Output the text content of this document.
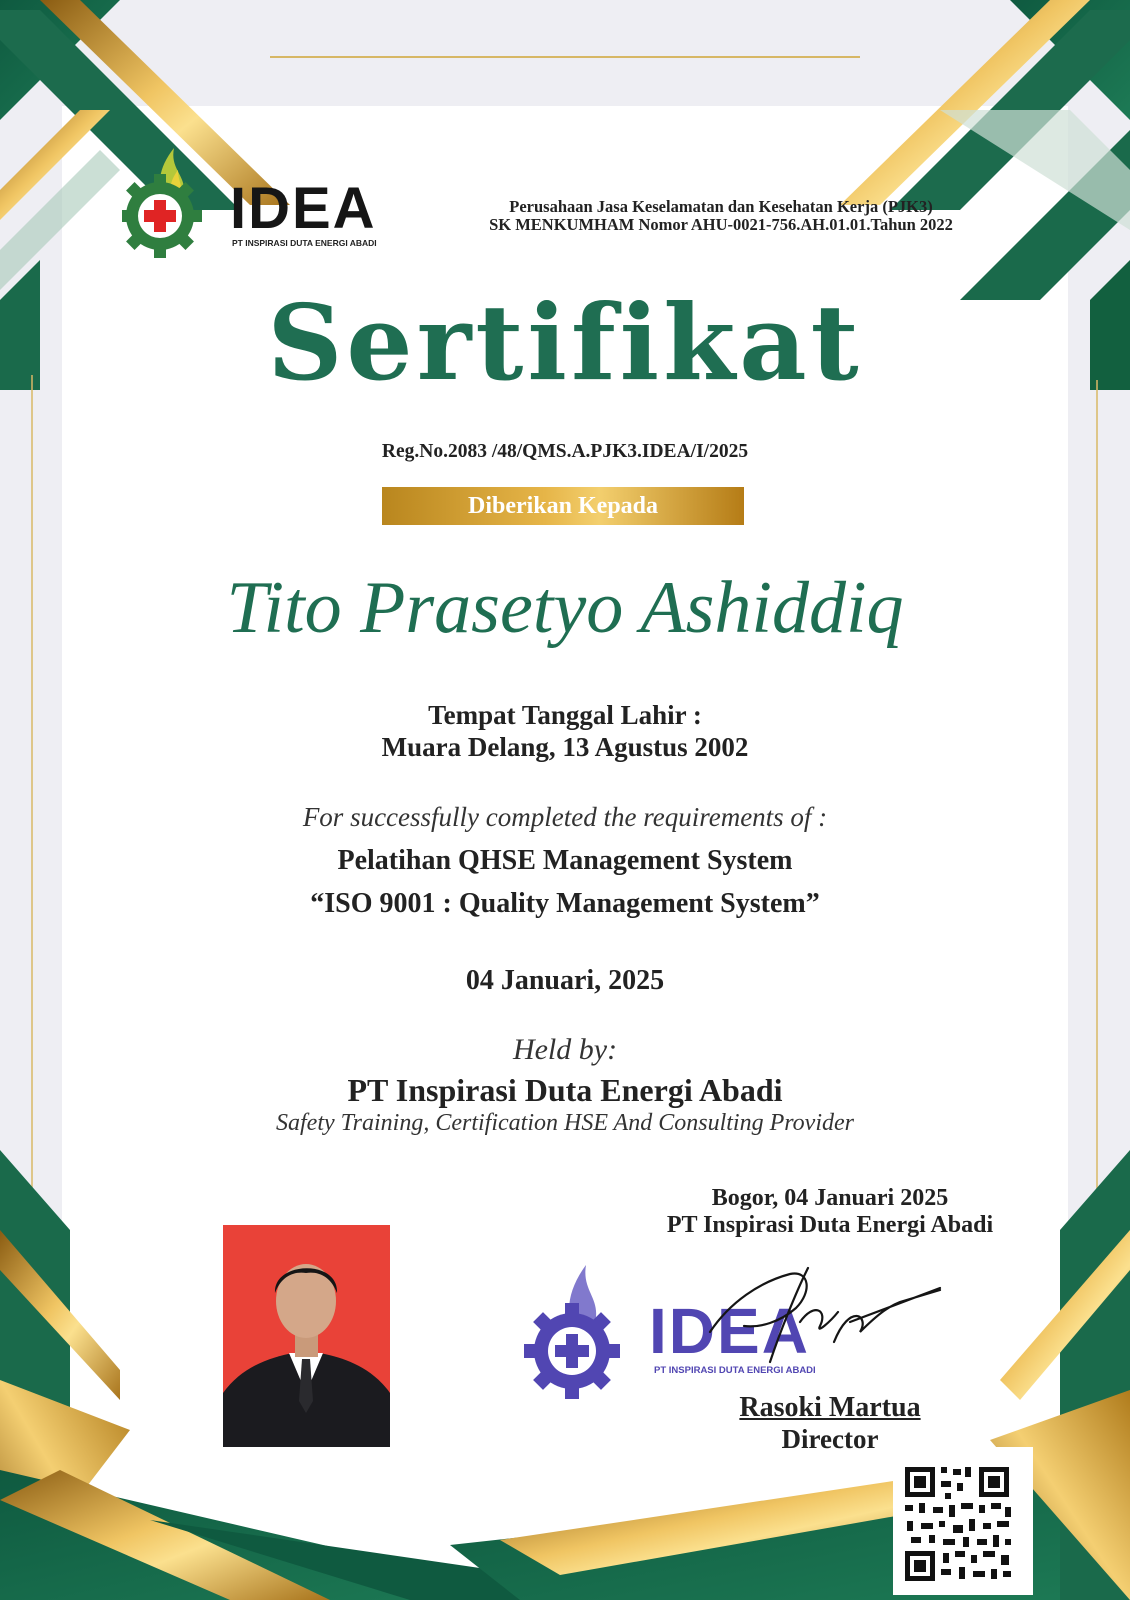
IDEA
PT INSPIRASI DUTA ENERGI ABADI
Perusahaan Jasa Keselamatan dan Kesehatan Kerja (PJK3)
SK MENKUMHAM Nomor AHU-0021-756.AH.01.01.Tahun 2022
Sertifikat
Reg.No.2083 /48/QMS.A.PJK3.IDEA/I/2025
Diberikan Kepada
Tito Prasetyo Ashiddiq
Tempat Tanggal Lahir :
Muara Delang, 13 Agustus 2002
For successfully completed the requirements of :
Pelatihan QHSE Management System
“ISO 9001 : Quality Management System”
04 Januari, 2025
Held by:
PT Inspirasi Duta Energi Abadi
Safety Training, Certification HSE And Consulting Provider
Bogor, 04 Januari 2025
PT Inspirasi Duta Energi Abadi
IDEA
PT INSPIRASI DUTA ENERGI ABADI
Rasoki Martua
Director
